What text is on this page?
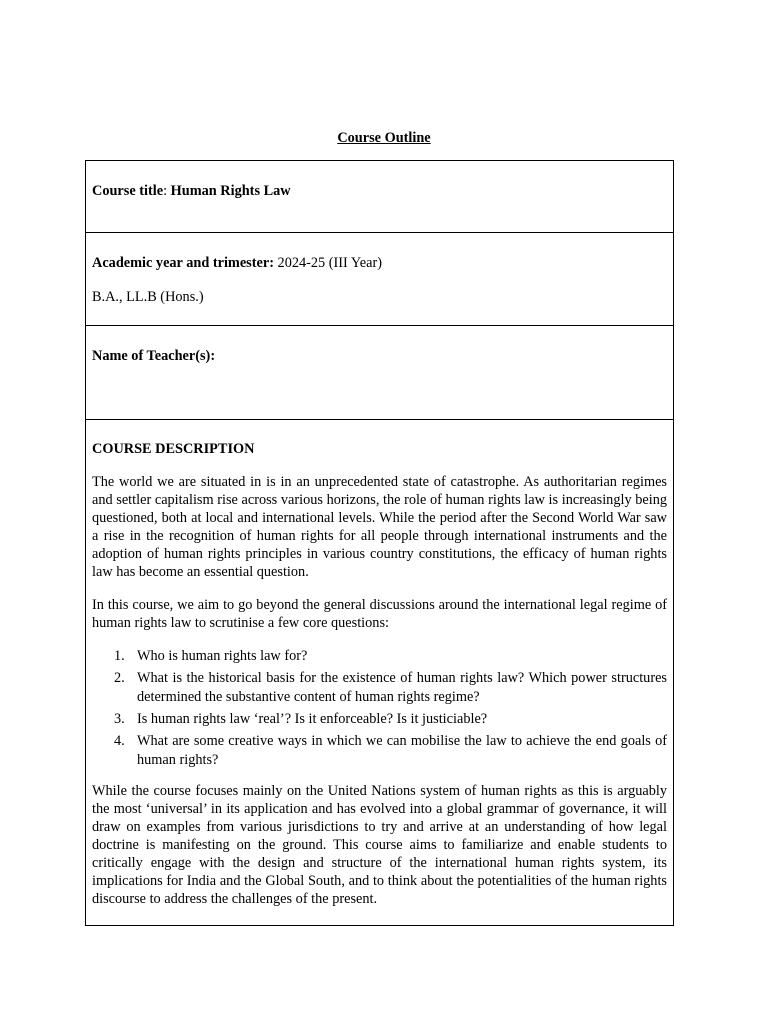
Course Outline

Course title: Human Rights Law

Academic year and trimester: 2024-25 (III Year)

B.A., LL.B (Hons.)

Name of Teacher(s):

COURSE DESCRIPTION

The world we are situated in is in an unprecedented state of catastrophe. As authoritarian regimes and settler capitalism rise across various horizons, the role of human rights law is increasingly being questioned, both at local and international levels. While the period after the Second World War saw a rise in the recognition of human rights for all people through international instruments and the adoption of human rights principles in various country constitutions, the efficacy of human rights law has become an essential question.

In this course, we aim to go beyond the general discussions around the international legal regime of human rights law to scrutinise a few core questions:

1. Who is human rights law for?
2. What is the historical basis for the existence of human rights law? Which power structures determined the substantive content of human rights regime?
3. Is human rights law ‘real’? Is it enforceable? Is it justiciable?
4. What are some creative ways in which we can mobilise the law to achieve the end goals of human rights?

While the course focuses mainly on the United Nations system of human rights as this is arguably the most ‘universal’ in its application and has evolved into a global grammar of governance, it will draw on examples from various jurisdictions to try and arrive at an understanding of how legal doctrine is manifesting on the ground. This course aims to familiarize and enable students to critically engage with the design and structure of the international human rights system, its implications for India and the Global South, and to think about the potentialities of the human rights discourse to address the challenges of the present.
